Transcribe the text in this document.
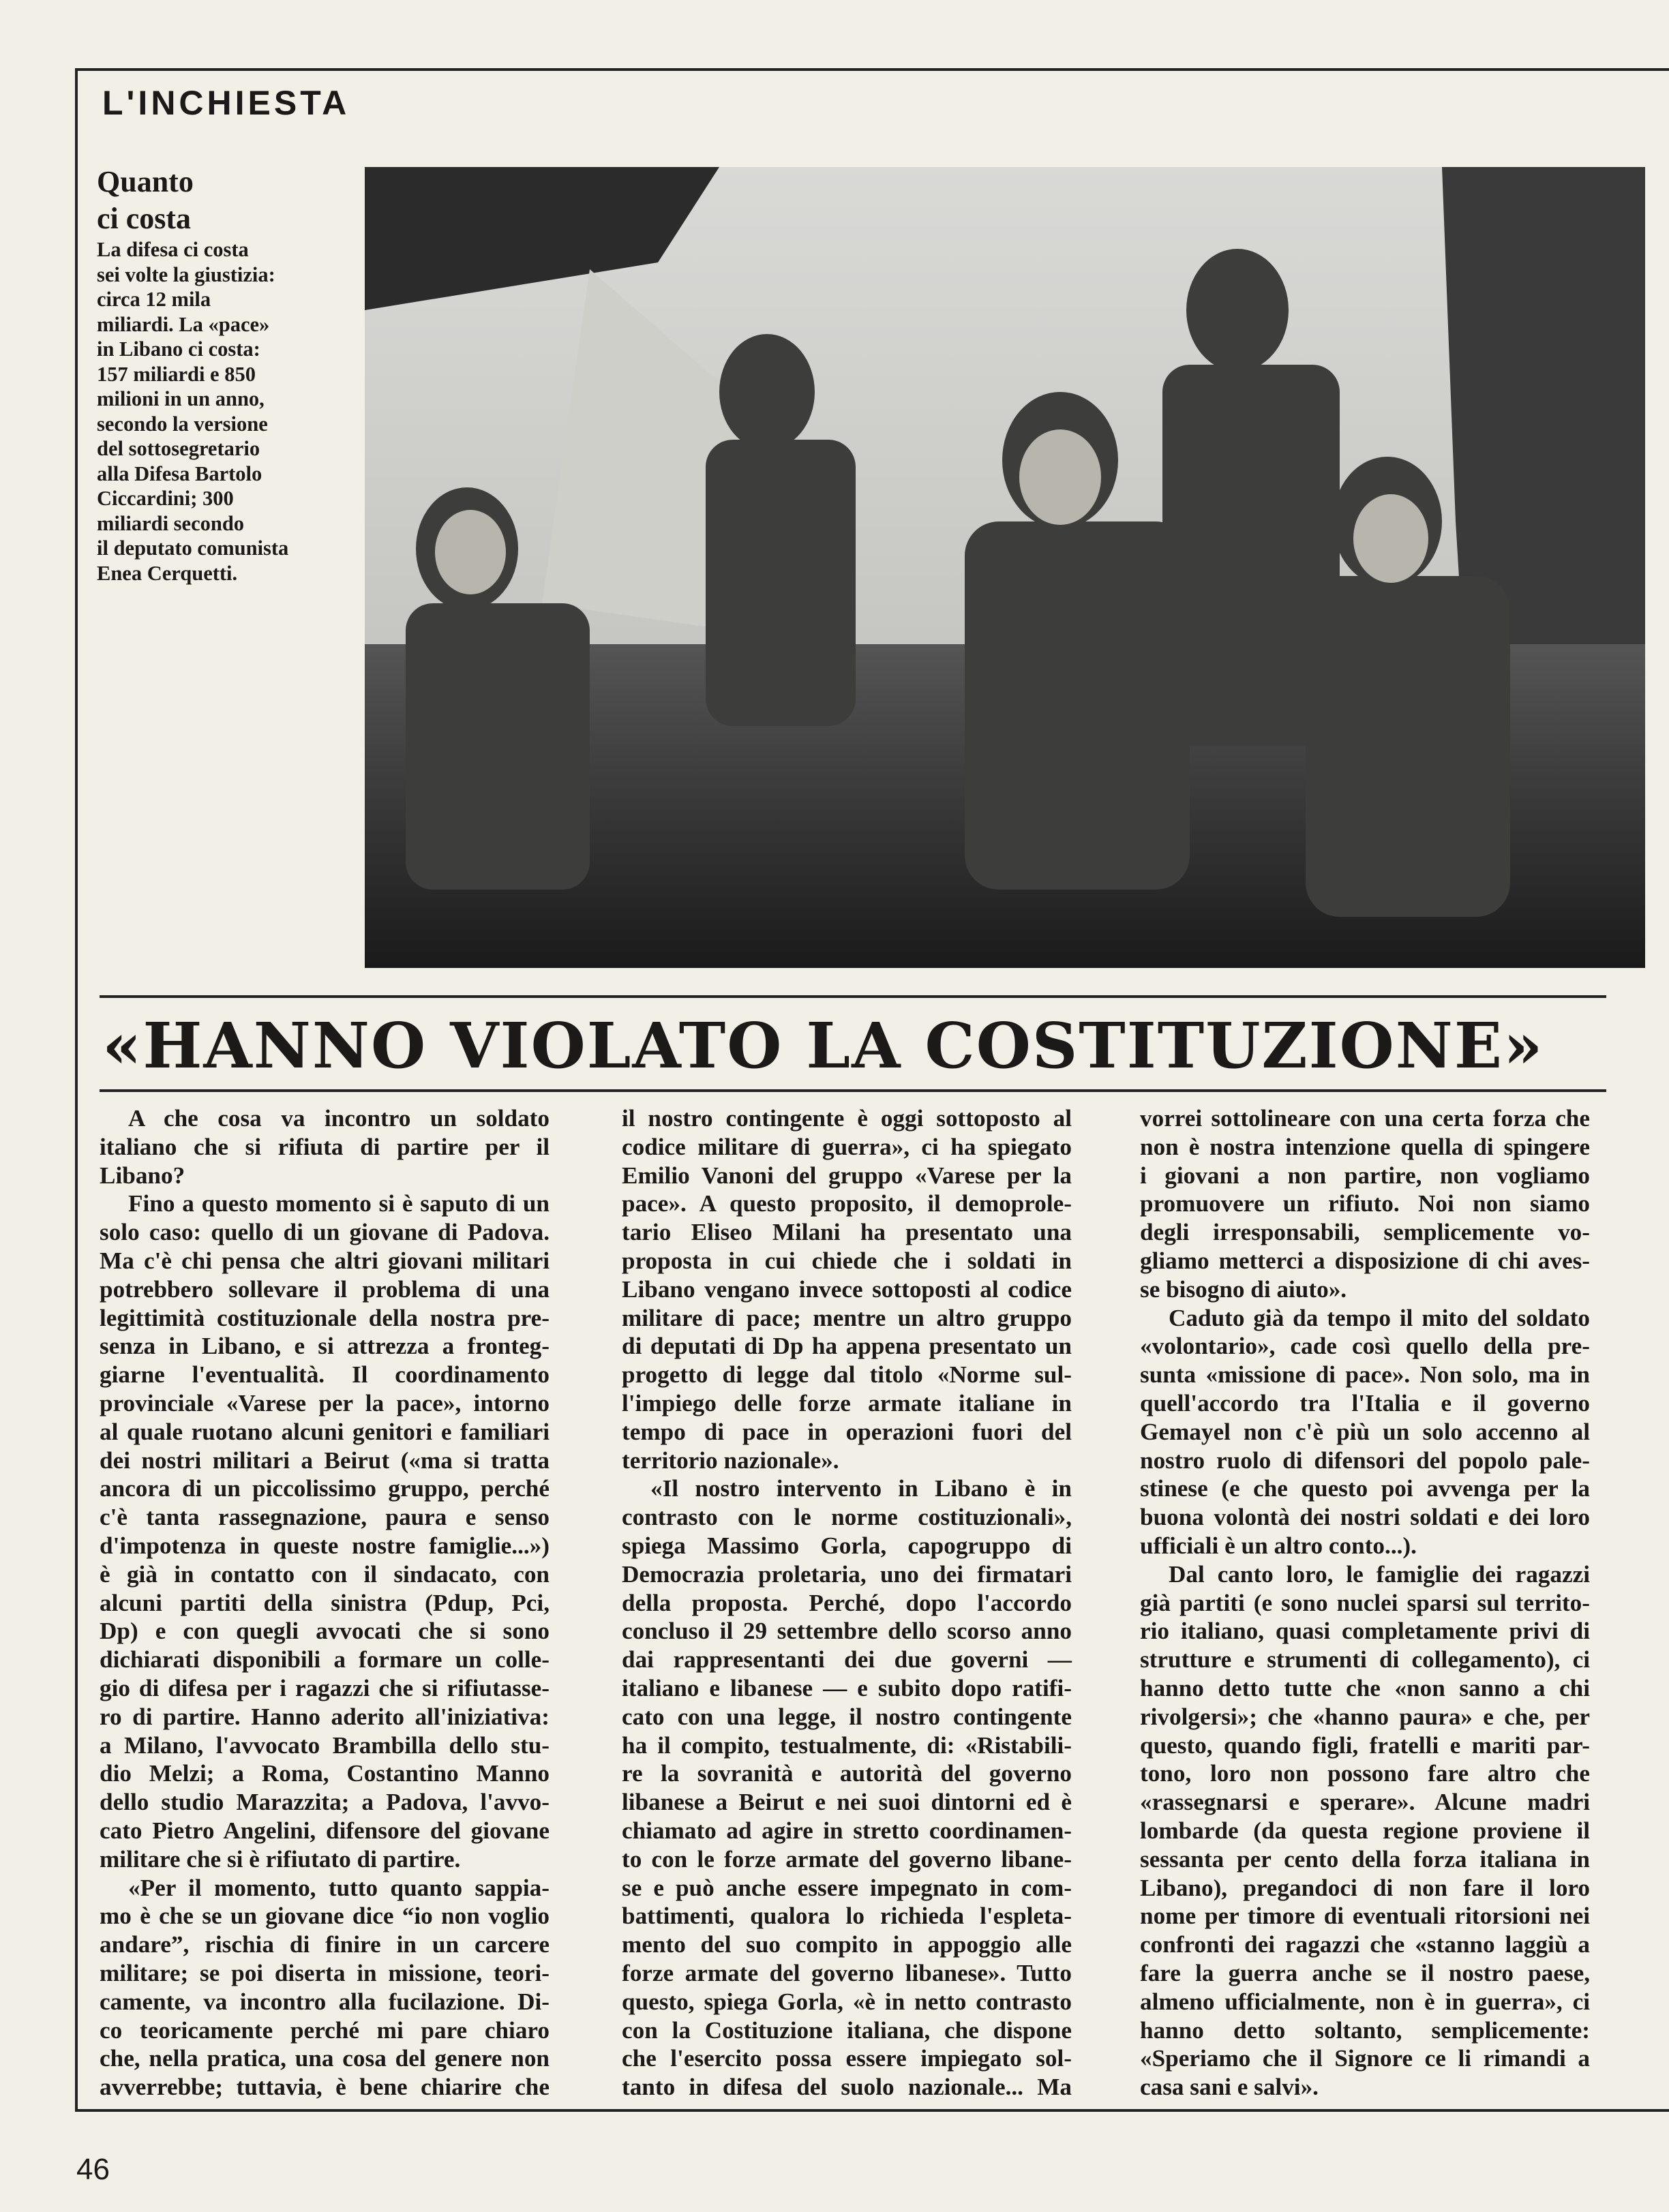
L'INCHIESTA
Quanto
ci costa
La difesa ci costa
sei volte la giustizia:
circa 12 mila
miliardi. La «pace»
in Libano ci costa:
157 miliardi e 850
milioni in un anno,
secondo la versione
del sottosegretario
alla Difesa Bartolo
Ciccardini; 300
miliardi secondo
il deputato comunista
Enea Cerquetti.
«HANNO VIOLATO LA COSTITUZIONE»
A che cosa va incontro un soldato
italiano che si rifiuta di partire per il
Libano?
Fino a questo momento si è saputo di un
solo caso: quello di un giovane di Padova.
Ma c'è chi pensa che altri giovani militari
potrebbero sollevare il problema di una
legittimità costituzionale della nostra pre-
senza in Libano, e si attrezza a fronteg-
giarne l'eventualità. Il coordinamento
provinciale «Varese per la pace», intorno
al quale ruotano alcuni genitori e familiari
dei nostri militari a Beirut («ma si tratta
ancora di un piccolissimo gruppo, perché
c'è tanta rassegnazione, paura e senso
d'impotenza in queste nostre famiglie...»)
è già in contatto con il sindacato, con
alcuni partiti della sinistra (Pdup, Pci,
Dp) e con quegli avvocati che si sono
dichiarati disponibili a formare un colle-
gio di difesa per i ragazzi che si rifiutasse-
ro di partire. Hanno aderito all'iniziativa:
a Milano, l'avvocato Brambilla dello stu-
dio Melzi; a Roma, Costantino Manno
dello studio Marazzita; a Padova, l'avvo-
cato Pietro Angelini, difensore del giovane
militare che si è rifiutato di partire.
«Per il momento, tutto quanto sappia-
mo è che se un giovane dice “io non voglio
andare”, rischia di finire in un carcere
militare; se poi diserta in missione, teori-
camente, va incontro alla fucilazione. Di-
co teoricamente perché mi pare chiaro
che, nella pratica, una cosa del genere non
avverrebbe; tuttavia, è bene chiarire che
il nostro contingente è oggi sottoposto al
codice militare di guerra», ci ha spiegato
Emilio Vanoni del gruppo «Varese per la
pace». A questo proposito, il demoprole-
tario Eliseo Milani ha presentato una
proposta in cui chiede che i soldati in
Libano vengano invece sottoposti al codice
militare di pace; mentre un altro gruppo
di deputati di Dp ha appena presentato un
progetto di legge dal titolo «Norme sul-
l'impiego delle forze armate italiane in
tempo di pace in operazioni fuori del
territorio nazionale».
«Il nostro intervento in Libano è in
contrasto con le norme costituzionali»,
spiega Massimo Gorla, capogruppo di
Democrazia proletaria, uno dei firmatari
della proposta. Perché, dopo l'accordo
concluso il 29 settembre dello scorso anno
dai rappresentanti dei due governi —
italiano e libanese — e subito dopo ratifi-
cato con una legge, il nostro contingente
ha il compito, testualmente, di: «Ristabili-
re la sovranità e autorità del governo
libanese a Beirut e nei suoi dintorni ed è
chiamato ad agire in stretto coordinamen-
to con le forze armate del governo libane-
se e può anche essere impegnato in com-
battimenti, qualora lo richieda l'espleta-
mento del suo compito in appoggio alle
forze armate del governo libanese». Tutto
questo, spiega Gorla, «è in netto contrasto
con la Costituzione italiana, che dispone
che l'esercito possa essere impiegato sol-
tanto in difesa del suolo nazionale... Ma
vorrei sottolineare con una certa forza che
non è nostra intenzione quella di spingere
i giovani a non partire, non vogliamo
promuovere un rifiuto. Noi non siamo
degli irresponsabili, semplicemente vo-
gliamo metterci a disposizione di chi aves-
se bisogno di aiuto».
Caduto già da tempo il mito del soldato
«volontario», cade così quello della pre-
sunta «missione di pace». Non solo, ma in
quell'accordo tra l'Italia e il governo
Gemayel non c'è più un solo accenno al
nostro ruolo di difensori del popolo pale-
stinese (e che questo poi avvenga per la
buona volontà dei nostri soldati e dei loro
ufficiali è un altro conto...).
Dal canto loro, le famiglie dei ragazzi
già partiti (e sono nuclei sparsi sul territo-
rio italiano, quasi completamente privi di
strutture e strumenti di collegamento), ci
hanno detto tutte che «non sanno a chi
rivolgersi»; che «hanno paura» e che, per
questo, quando figli, fratelli e mariti par-
tono, loro non possono fare altro che
«rassegnarsi e sperare». Alcune madri
lombarde (da questa regione proviene il
sessanta per cento della forza italiana in
Libano), pregandoci di non fare il loro
nome per timore di eventuali ritorsioni nei
confronti dei ragazzi che «stanno laggiù a
fare la guerra anche se il nostro paese,
almeno ufficialmente, non è in guerra», ci
hanno detto soltanto, semplicemente:
«Speriamo che il Signore ce li rimandi a
casa sani e salvi».
46
